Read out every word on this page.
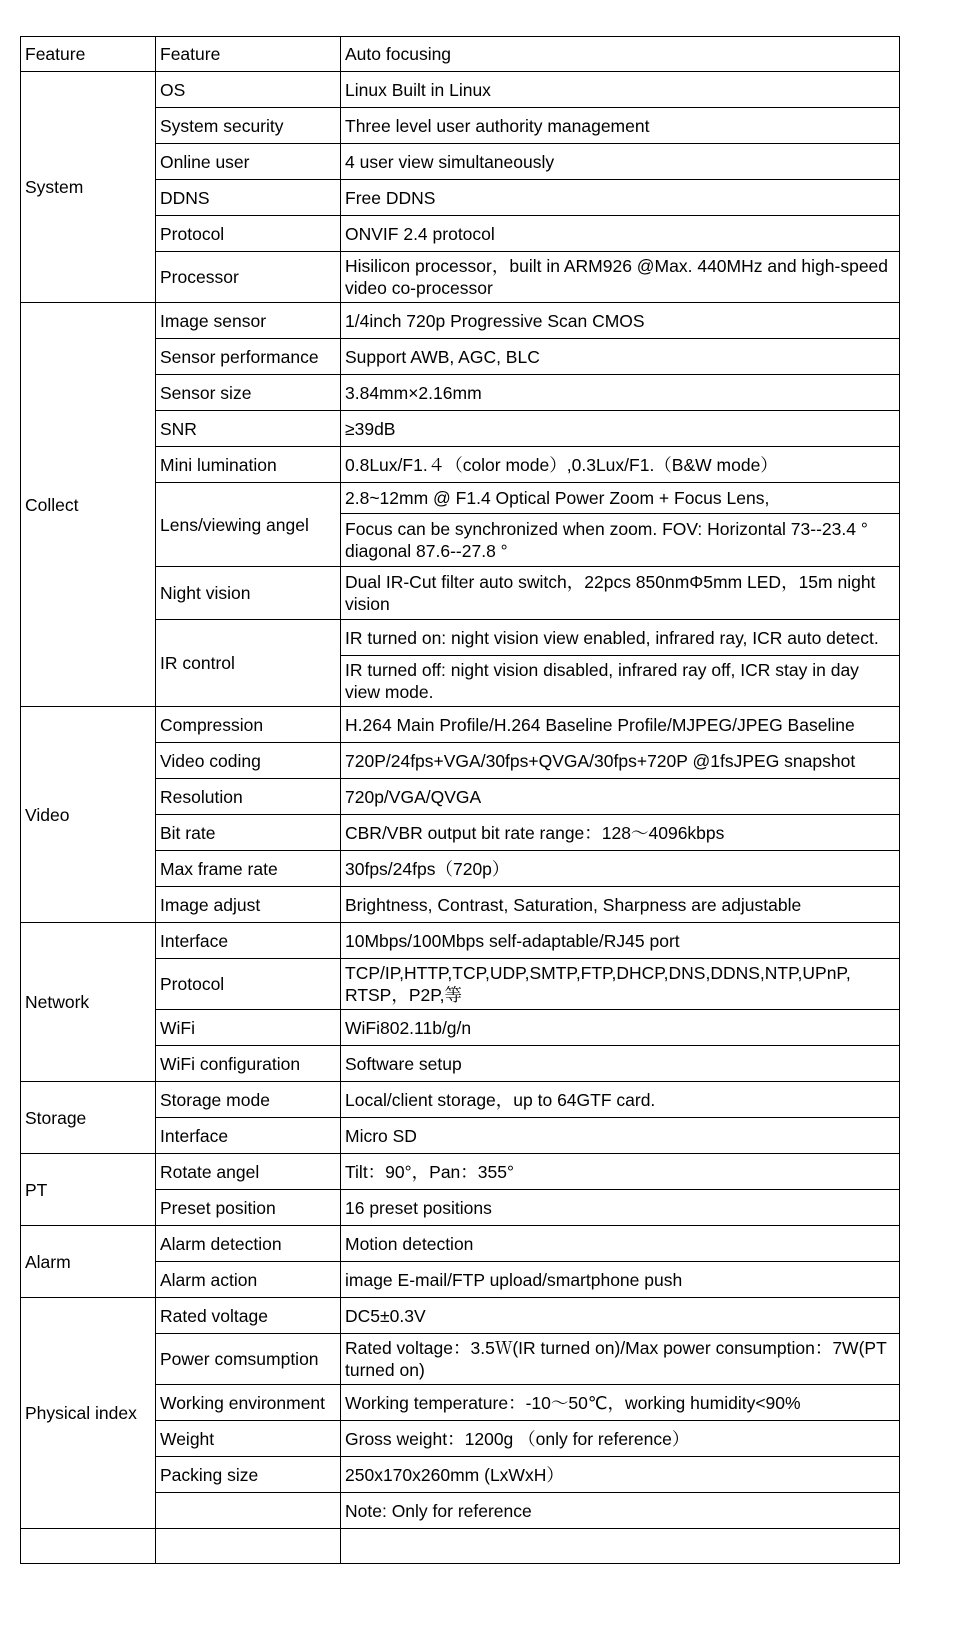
Feature	Feature	Auto focusing
System	OS	Linux Built in Linux
	System security	Three level user authority management
	Online user	4 user view simultaneously
	DDNS	Free DDNS
	Protocol	ONVIF 2.4 protocol
	Processor	Hisilicon processor，built in ARM926 @Max. 440MHz and high-speed video co-processor
Collect	Image sensor	1/4inch 720p Progressive Scan CMOS
	Sensor performance	Support AWB, AGC, BLC
	Sensor size	3.84mm×2.16mm
	SNR	≥39dB
	Mini lumination	0.8Lux/F1.４（color mode）,0.3Lux/F1.（B&W mode）
	Lens/viewing angel	2.8~12mm @ F1.4 Optical Power Zoom + Focus Lens,
		Focus can be synchronized when zoom. FOV: Horizontal 73--23.4 ° diagonal 87.6--27.8 °
	Night vision	Dual IR-Cut filter auto switch，22pcs 850nmΦ5mm LED，15m night vision
	IR control	IR turned on: night vision view enabled, infrared ray, ICR auto detect.
		IR turned off: night vision disabled, infrared ray off, ICR stay in day view mode.
Video	Compression	H.264 Main Profile/H.264 Baseline Profile/MJPEG/JPEG Baseline
	Video coding	720P/24fps+VGA/30fps+QVGA/30fps+720P @1fsJPEG snapshot
	Resolution	720p/VGA/QVGA
	Bit rate	CBR/VBR output bit rate range：128～4096kbps
	Max frame rate	30fps/24fps（720p）
	Image adjust	Brightness, Contrast, Saturation, Sharpness are adjustable
Network	Interface	10Mbps/100Mbps self-adaptable/RJ45 port
	Protocol	TCP/IP,HTTP,TCP,UDP,SMTP,FTP,DHCP,DNS,DDNS,NTP,UPnP, RTSP，P2P,等
	WiFi	WiFi802.11b/g/n
	WiFi configuration	Software setup
Storage	Storage mode	Local/client storage，up to 64GTF card.
	Interface	Micro SD
PT	Rotate angel	Tilt：90°，Pan：355°
	Preset position	16 preset positions
Alarm	Alarm detection	Motion detection
	Alarm action	image E-mail/FTP upload/smartphone push
Physical index	Rated voltage	DC5±0.3V
	Power comsumption	Rated voltage：3.5Ｗ(IR turned on)/Max power consumption：7W(PT turned on)
	Working environment	Working temperature：-10～50℃，working humidity<90%
	Weight	Gross weight：1200g （only for reference）
	Packing size	250x170x260mm (LxWxH）
		Note: Only for reference
